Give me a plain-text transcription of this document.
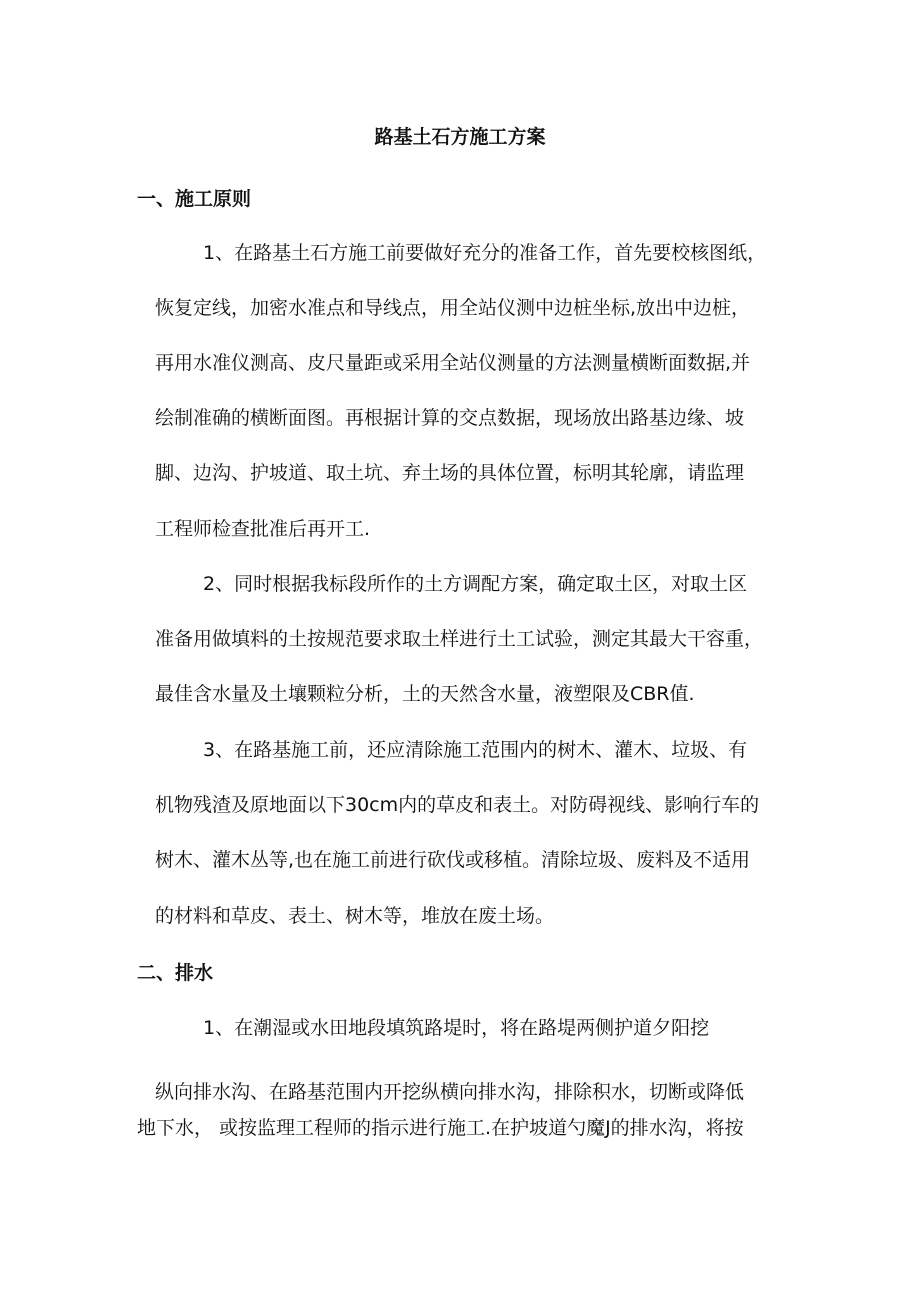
路基土石方施工方案
一、施工原则
1、在路基土石方施工前要做好充分的准备工作，首先要校核图纸，
恢复定线，加密水准点和导线点，用全站仪测中边桩坐标,放出中边桩，
再用水准仪测高、皮尺量距或采用全站仪测量的方法测量横断面数据,并
绘制准确的横断面图。再根据计算的交点数据，现场放出路基边缘、坡
脚、边沟、护坡道、取土坑、弃土场的具体位置，标明其轮廓，请监理
工程师检查批准后再开工.
2、同时根据我标段所作的土方调配方案，确定取土区，对取土区
准备用做填料的土按规范要求取土样进行土工试验，测定其最大干容重，
最佳含水量及土壤颗粒分析，土的天然含水量，液塑限及CBR值.
3、在路基施工前，还应清除施工范围内的树木、灌木、垃圾、有
机物残渣及原地面以下30cm内的草皮和表土。对防碍视线、影响行车的
树木、灌木丛等,也在施工前进行砍伐或移植。清除垃圾、废料及不适用
的材料和草皮、表土、树木等，堆放在废土场。
二、排水
1、在潮湿或水田地段填筑路堤时，将在路堤两侧护道夕阳挖
纵向排水沟、在路基范围内开挖纵横向排水沟，排除积水，切断或降低
地下水， 或按监理工程师的指示进行施工.在护坡道勺魔J的排水沟，将按
